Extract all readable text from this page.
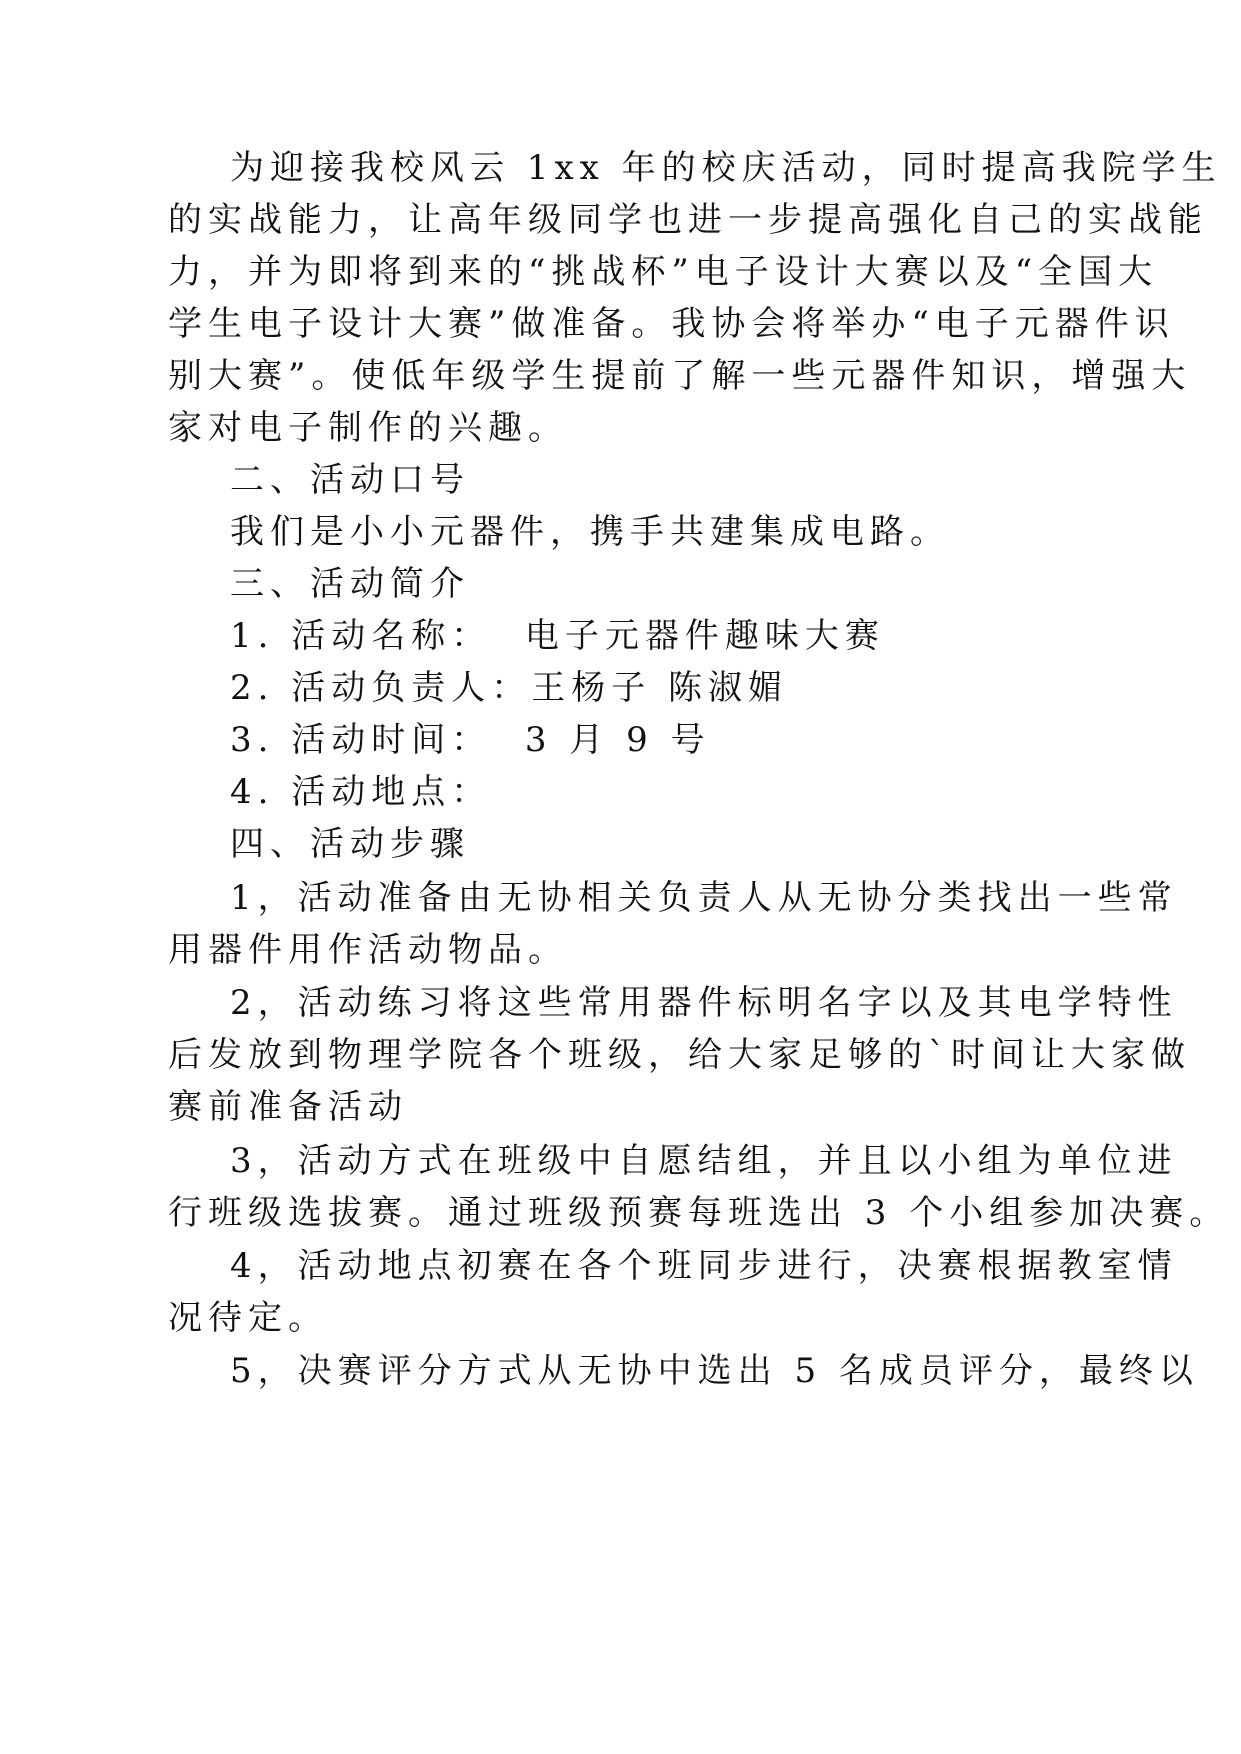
为迎接我校风云 1xx 年的校庆活动，同时提高我院学生
的实战能力，让高年级同学也进一步提高强化自己的实战能
力，并为即将到来的“挑战杯”电子设计大赛以及“全国大
学生电子设计大赛”做准备。我协会将举办“电子元器件识
别大赛”。使低年级学生提前了解一些元器件知识，增强大
家对电子制作的兴趣。
二、活动口号
我们是小小元器件，携手共建集成电路。
三、活动简介
1. 活动名称：  电子元器件趣味大赛
2. 活动负责人：王杨子 陈淑媚
3. 活动时间：  3 月 9 号
4. 活动地点：
四、活动步骤
1，活动准备由无协相关负责人从无协分类找出一些常
用器件用作活动物品。
2，活动练习将这些常用器件标明名字以及其电学特性
后发放到物理学院各个班级，给大家足够的`时间让大家做
赛前准备活动
3，活动方式在班级中自愿结组，并且以小组为单位进
行班级选拔赛。通过班级预赛每班选出 3 个小组参加决赛。
4，活动地点初赛在各个班同步进行，决赛根据教室情
况待定。
5，决赛评分方式从无协中选出 5 名成员评分，最终以
